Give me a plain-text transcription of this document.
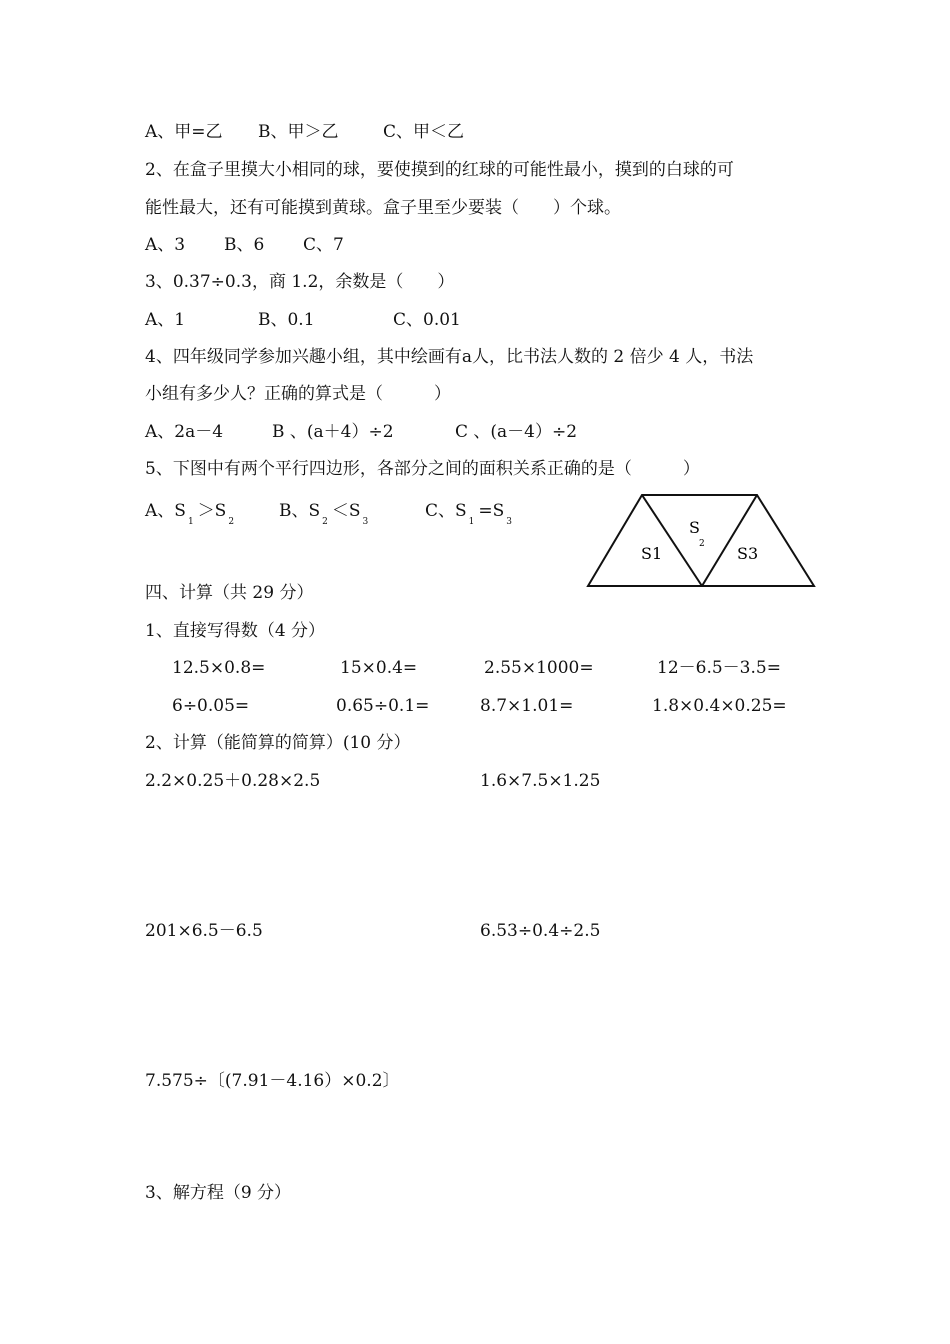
A、甲=乙 B、甲＞乙	C、甲＜乙
2、在盒子里摸大小相同的球，要使摸到的红球的可能性最小，摸到的白球的可
能性最大，还有可能摸到黄球。盒子里至少要装（　　）个球。
A、3 B、6 C、7
3、0.37÷0.3，商 1.2，余数是（　　）
A、1	B、0.1	C、0.01
4、四年级同学参加兴趣小组，其中绘画有a人，比书法人数的 2 倍少 4 人，书法
小组有多少人？正确的算式是（　　　）
A、2a－4	B 、(a＋4）÷2	C 、(a－4）÷2
5、下图中有两个平行四边形，各部分之间的面积关系正确的是（　　　）
A、$S_1>S_2$
B、$S_2<S_3$
C、$S_1=S_3$
S1
S
2 S3
四、计算（共 29 分）
1、直接写得数（4 分）
12.5×0.8=	15×0.4=	2.55×1000=	12－6.5－3.5=
6÷0.05=	0.65÷0.1=	8.7×1.01=	1.8×0.4×0.25=
2、计算（能简算的简算）(10 分）
2.2×0.25＋0.28×2.5	1.6×7.5×1.25
201×6.5－6.5	6.53÷0.4÷2.5
7.575÷〔(7.91－4.16）×0.2〕
3、解方程（9 分）
